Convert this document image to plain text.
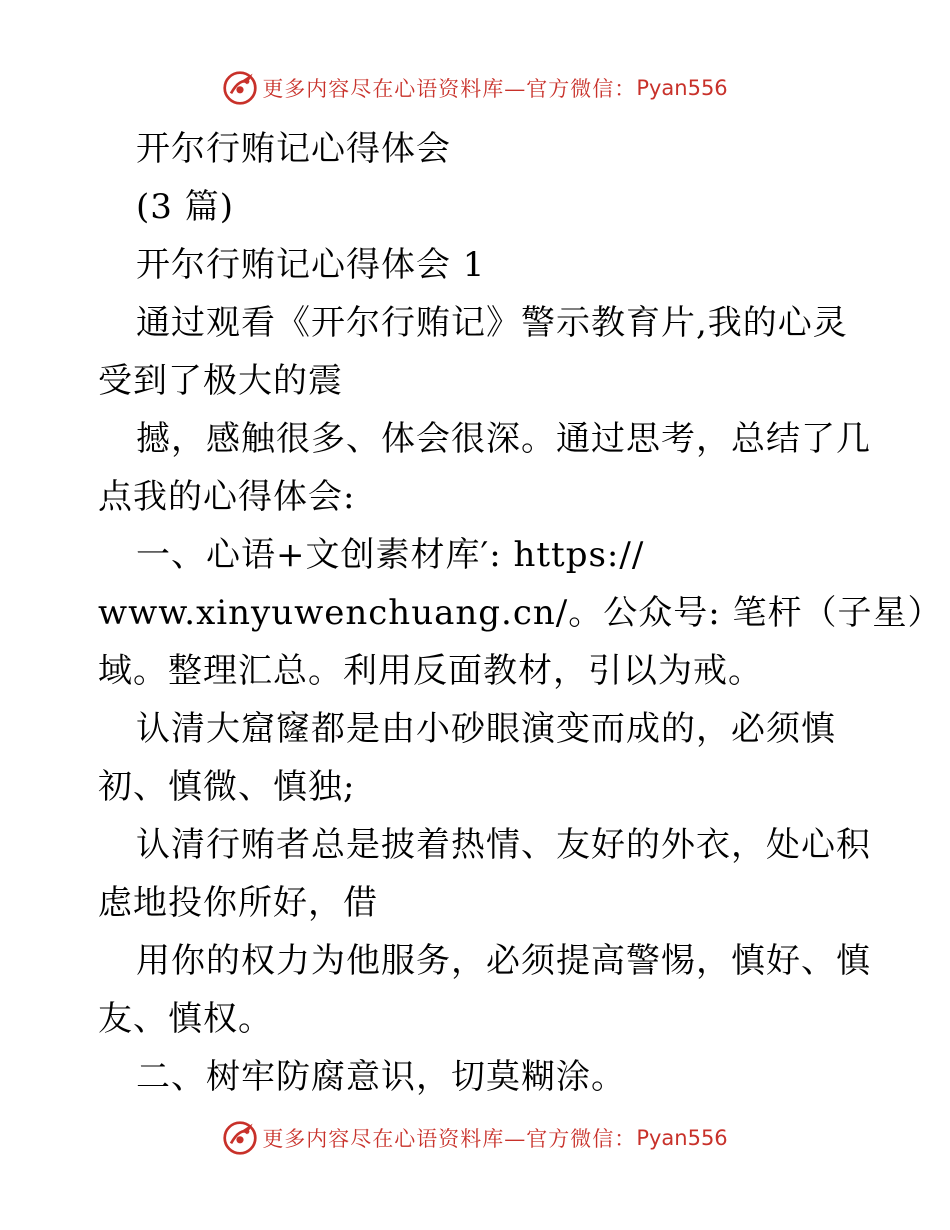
更多内容尽在心语资料库—官方微信： Pyan556
开尔行贿记心得体会
(3 篇)
开尔行贿记心得体会 1
通过观看《开尔行贿记》警示教育片,我的心灵
受到了极大的震
撼，感触很多、体会很深。通过思考，总结了几
点我的心得体会:
一、心语+文创素材库′: https://
www.xinyuwenchuang.cn/。公众号: 笔杆（子星）
域。整理汇总。利用反面教材，引以为戒。
认清大窟窿都是由小砂眼演变而成的，必须慎
初、慎微、慎独;
认清行贿者总是披着热情、友好的外衣，处心积
虑地投你所好，借
用你的权力为他服务，必须提高警惕，慎好、慎
友、慎权。
二、树牢防腐意识，切莫糊涂。
更多内容尽在心语资料库—官方微信： Pyan556
